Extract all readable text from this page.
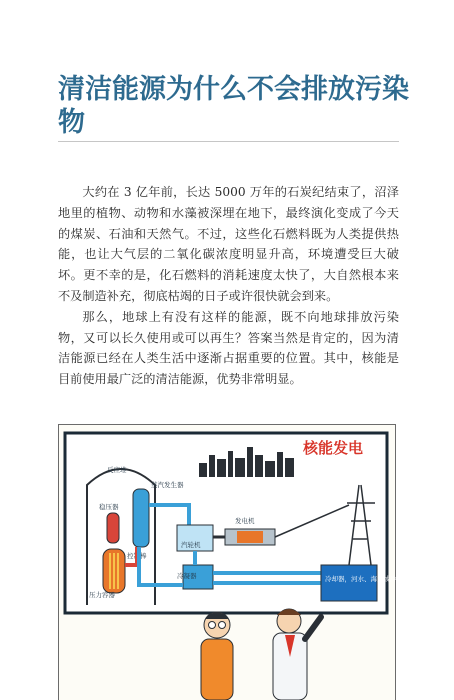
清洁能源为什么不会排放污染物

大约在 3 亿年前，长达 5000 万年的石炭纪结束了，沼泽地里的植物、动物和水藻被深埋在地下，最终演化变成了今天的煤炭、石油和天然气。不过，这些化石燃料既为人类提供热能，也让大气层的二氧化碳浓度明显升高，环境遭受巨大破坏。更不幸的是，化石燃料的消耗速度太快了，大自然根本来不及制造补充，彻底枯竭的日子或许很快就会到来。

那么，地球上有没有这样的能源，既不向地球排放污染物，又可以长久使用或可以再生？答案当然是肯定的，因为清洁能源已经在人类生活中逐渐占据重要的位置。其中，核能是目前使用最广泛的清洁能源，优势非常明显。

核能发电
反应堆
稳压器
控制棒
压力容器
蒸汽发生器
汽轮机
发电机
冷凝器	冷却器，河水、海水或冷却塔
